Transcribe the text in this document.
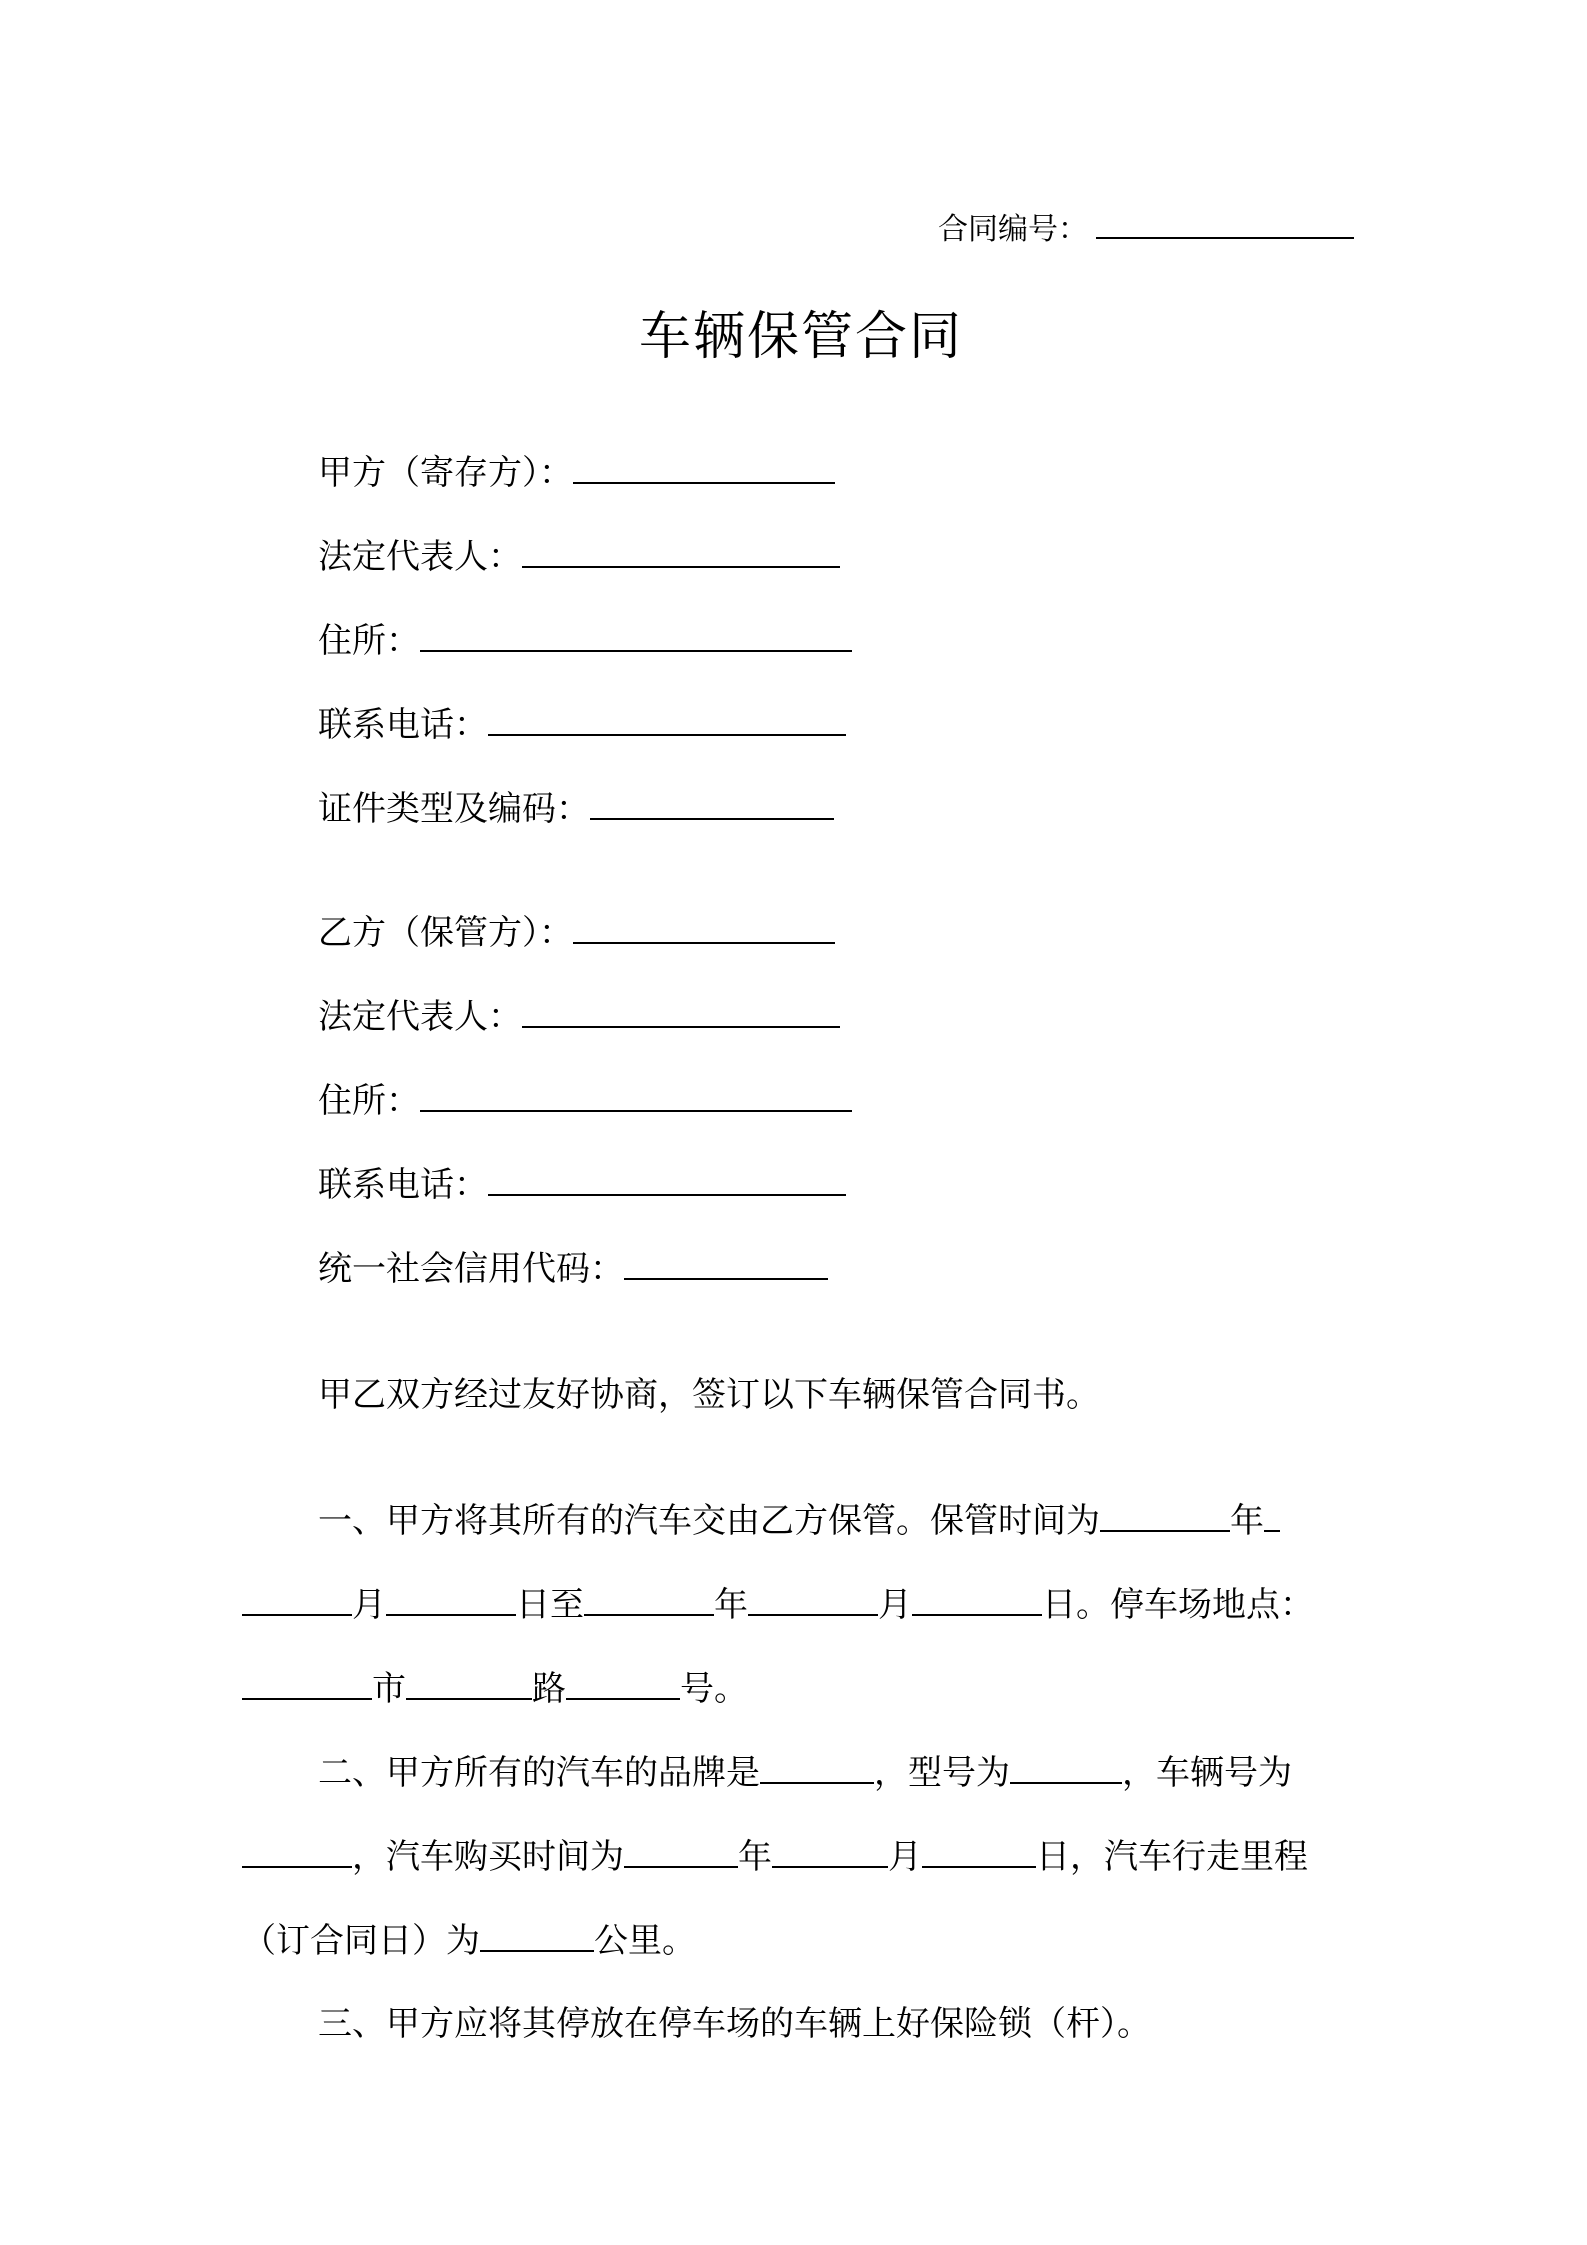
合同编号：
车辆保管合同
甲方（寄存方）：
法定代表人：
住所：
联系电话：
证件类型及编码：
乙方（保管方）：
法定代表人：
住所：
联系电话：
统一社会信用代码：
甲乙双方经过友好协商，签订以下车辆保管合同书。
一、甲方将其所有的汽车交由乙方保管。保管时间为	年
月	日至	年	月	日。停车场地点：
市	路	号。
二、甲方所有的汽车的品牌是	，型号为	，车辆号为
，汽车购买时间为	年	月	日，汽车行走里程
（订合同日）为	公里。
三、甲方应将其停放在停车场的车辆上好保险锁（杆）。
